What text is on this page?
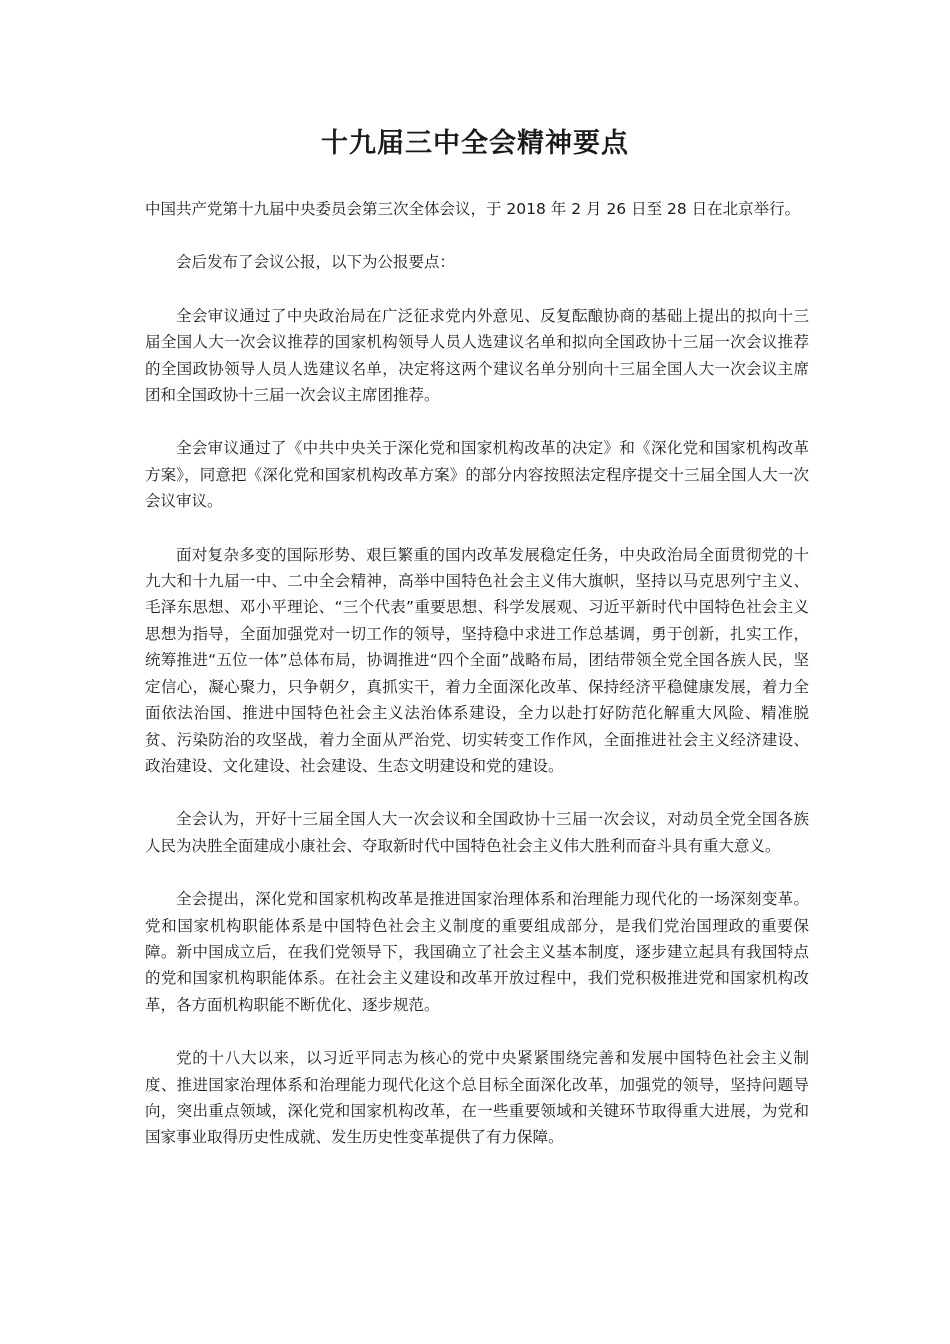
十九届三中全会精神要点

中国共产党第十九届中央委员会第三次全体会议，于 2018 年 2 月 26 日至 28 日在北京举行。

会后发布了会议公报，以下为公报要点：

全会审议通过了中央政治局在广泛征求党内外意见、反复酝酿协商的基础上提出的拟向十三届全国人大一次会议推荐的国家机构领导人员人选建议名单和拟向全国政协十三届一次会议推荐的全国政协领导人员人选建议名单，决定将这两个建议名单分别向十三届全国人大一次会议主席团和全国政协十三届一次会议主席团推荐。

全会审议通过了《中共中央关于深化党和国家机构改革的决定》和《深化党和国家机构改革方案》，同意把《深化党和国家机构改革方案》的部分内容按照法定程序提交十三届全国人大一次会议审议。

面对复杂多变的国际形势、艰巨繁重的国内改革发展稳定任务，中央政治局全面贯彻党的十九大和十九届一中、二中全会精神，高举中国特色社会主义伟大旗帜，坚持以马克思列宁主义、毛泽东思想、邓小平理论、“三个代表”重要思想、科学发展观、习近平新时代中国特色社会主义思想为指导，全面加强党对一切工作的领导，坚持稳中求进工作总基调，勇于创新，扎实工作，统筹推进“五位一体”总体布局，协调推进“四个全面”战略布局，团结带领全党全国各族人民，坚定信心，凝心聚力，只争朝夕，真抓实干，着力全面深化改革、保持经济平稳健康发展，着力全面依法治国、推进中国特色社会主义法治体系建设，全力以赴打好防范化解重大风险、精准脱贫、污染防治的攻坚战，着力全面从严治党、切实转变工作作风，全面推进社会主义经济建设、政治建设、文化建设、社会建设、生态文明建设和党的建设。

全会认为，开好十三届全国人大一次会议和全国政协十三届一次会议，对动员全党全国各族人民为决胜全面建成小康社会、夺取新时代中国特色社会主义伟大胜利而奋斗具有重大意义。

全会提出，深化党和国家机构改革是推进国家治理体系和治理能力现代化的一场深刻变革。党和国家机构职能体系是中国特色社会主义制度的重要组成部分，是我们党治国理政的重要保障。新中国成立后，在我们党领导下，我国确立了社会主义基本制度，逐步建立起具有我国特点的党和国家机构职能体系。在社会主义建设和改革开放过程中，我们党积极推进党和国家机构改革，各方面机构职能不断优化、逐步规范。

党的十八大以来，以习近平同志为核心的党中央紧紧围绕完善和发展中国特色社会主义制度、推进国家治理体系和治理能力现代化这个总目标全面深化改革，加强党的领导，坚持问题导向，突出重点领域，深化党和国家机构改革，在一些重要领域和关键环节取得重大进展，为党和国家事业取得历史性成就、发生历史性变革提供了有力保障。
